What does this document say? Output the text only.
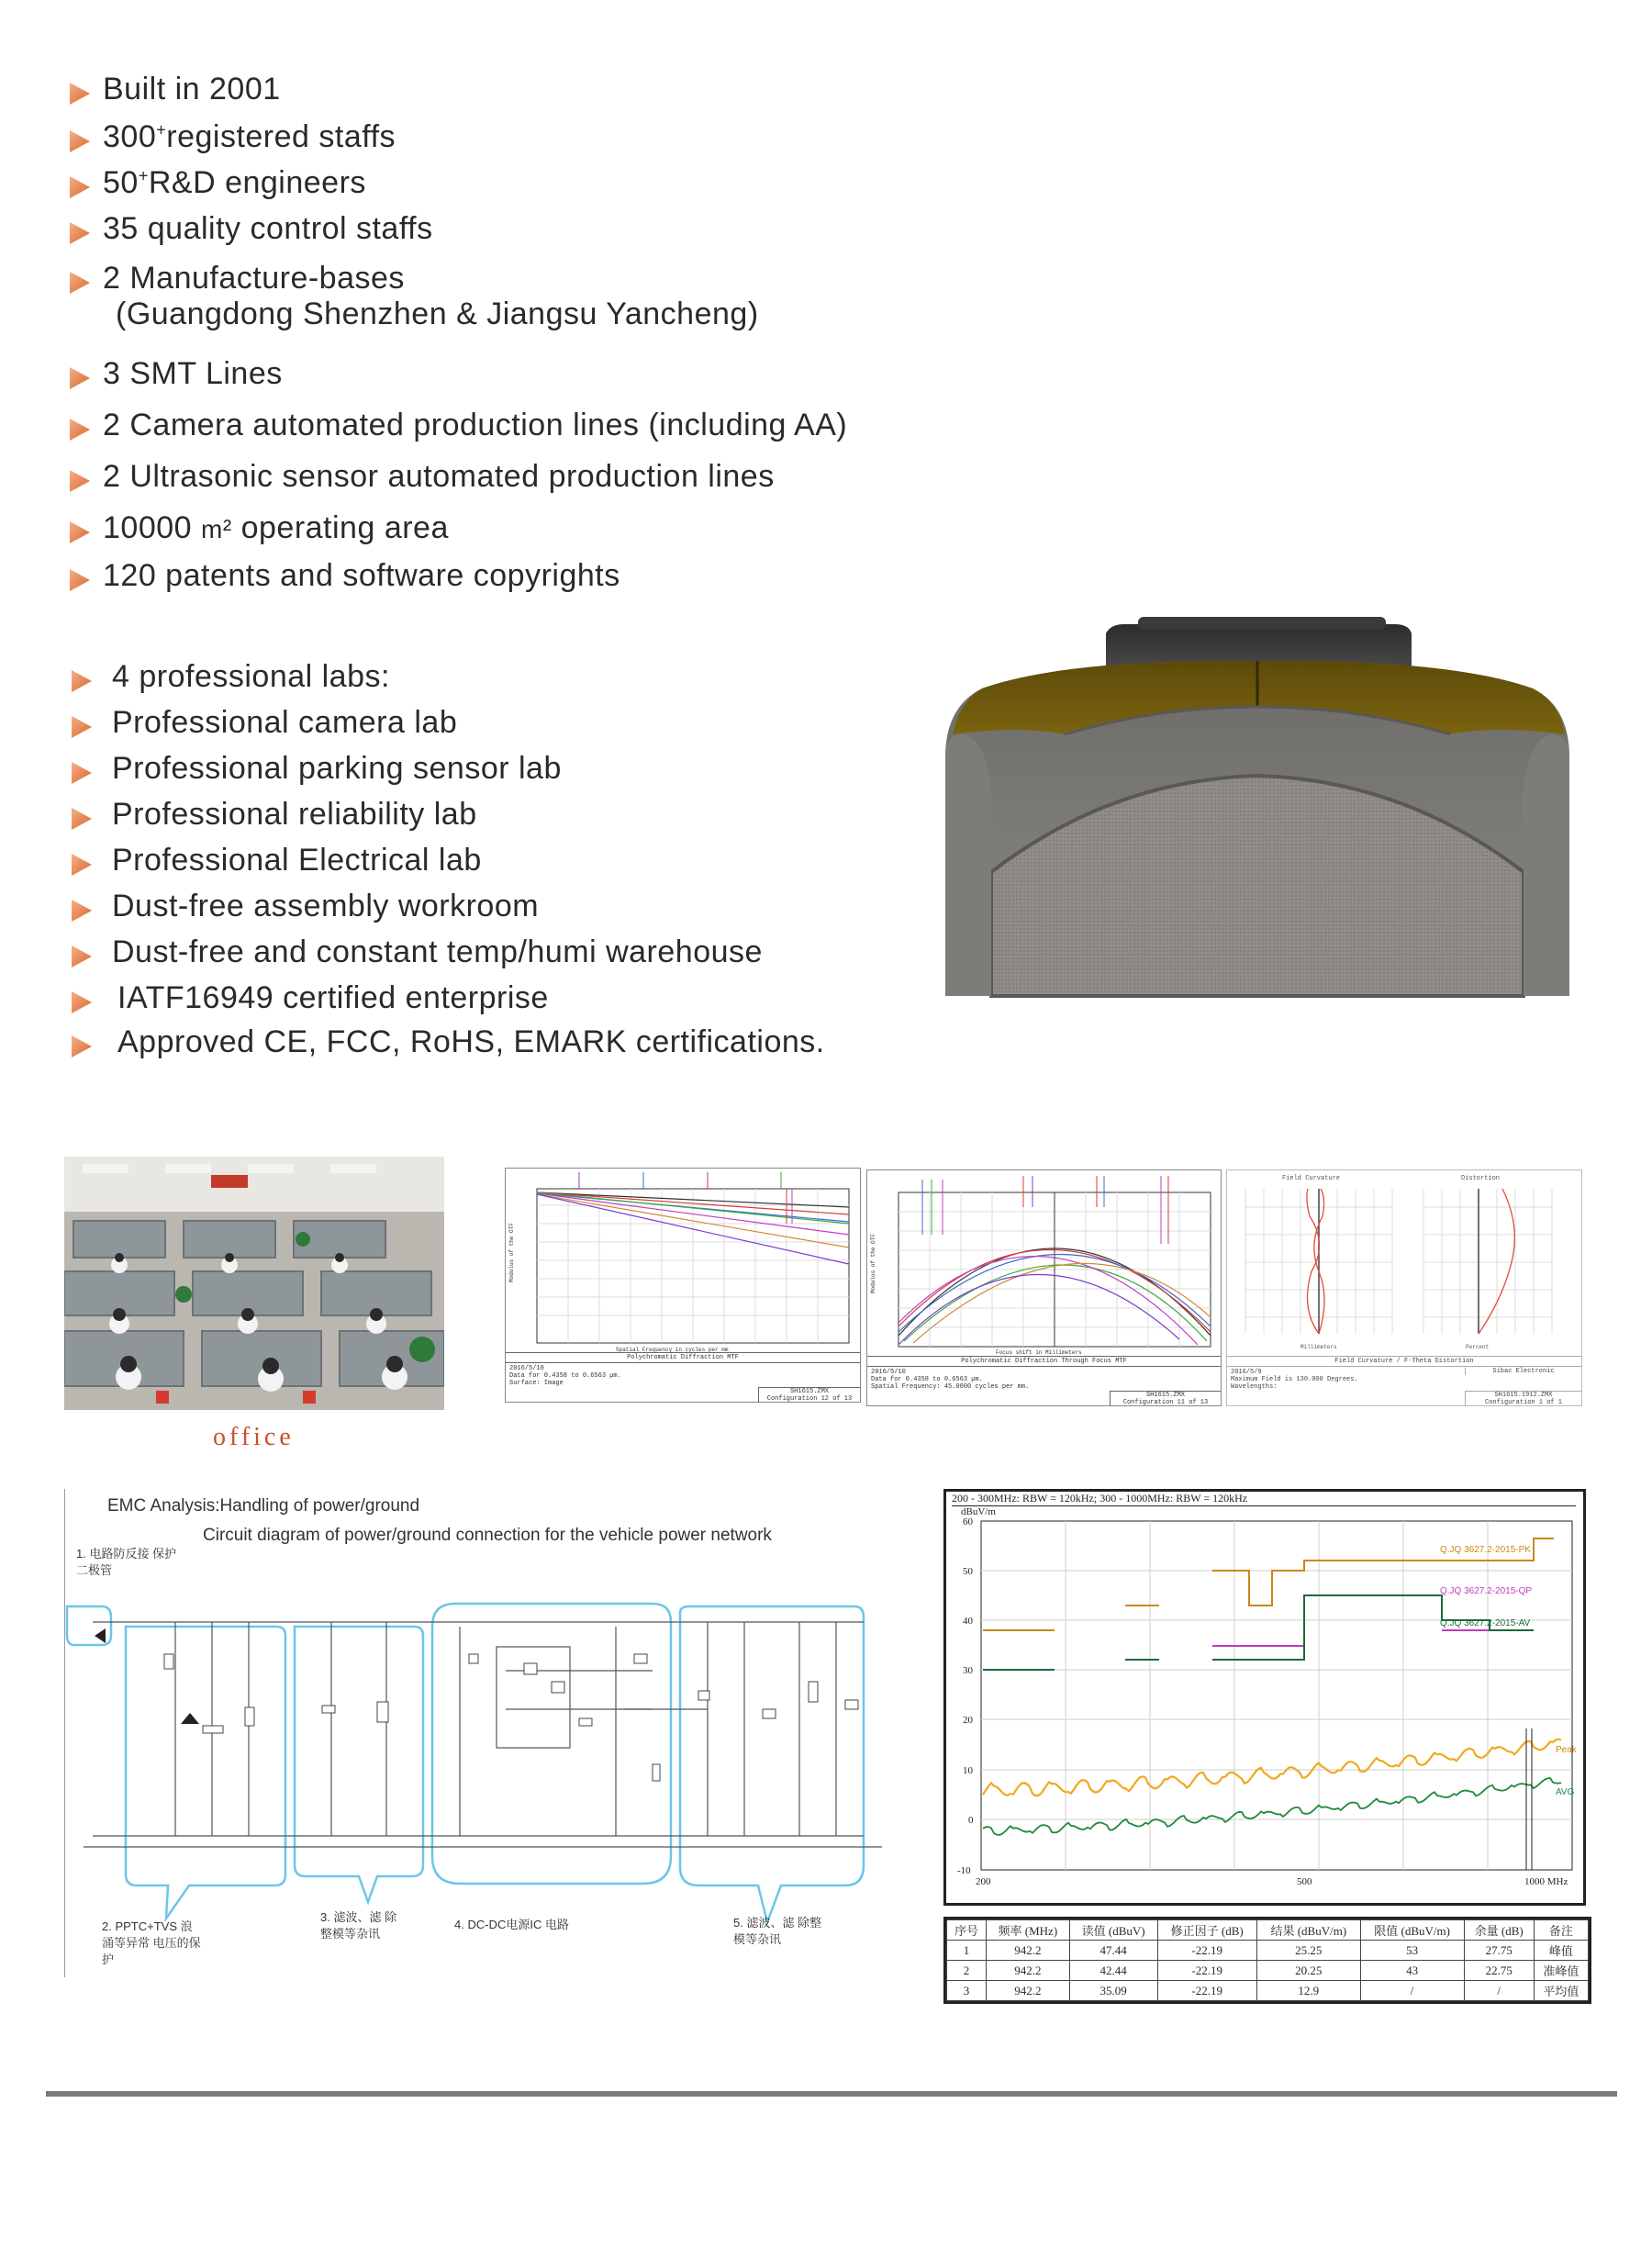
Built in 2001
300+registered staffs
50+R&D engineers
35 quality control staffs
2 Manufacture-bases
(Guangdong Shenzhen & Jiangsu Yancheng)
3 SMT Lines
2 Camera automated production lines (including AA)
2 Ultrasonic sensor automated production lines
10000 m² operating area
120 patents and software copyrights
4 professional labs:
Professional camera lab
Professional parking sensor lab
Professional reliability lab
Professional Electrical lab
Dust-free assembly workroom
Dust-free and constant temp/humi warehouse
IATF16949 certified enterprise
Approved CE, FCC, RoHS, EMARK certifications.
office
Modulus of the OTF
Spatial Frequency in cycles per mm
Polychromatic Diffraction MTF
2016/5/10
Data for 0.4358 to 0.6563 µm.
Surface: Image
SH1615.ZMX
Configuration 12 of 13
Modulus of the OTF
Focus shift in Millimeters
Polychromatic Diffraction Through Focus MTF
2016/5/10
Data for 0.4358 to 0.6563 µm.
Spatial Frequency: 45.0000 cycles per mm.
SH1615.ZMX
Configuration 11 of 13
Field Curvature	Distortion
Millimeters	Percent
Field Curvature / F-Theta Distortion
2016/5/9
Maximum Field is 130.000 Degrees.
Wavelengths:
Sibac Electronic
SH1615.1912.ZMX
Configuration 1 of 1
EMC Analysis:Handling of power/ground
Circuit diagram of power/ground connection for the vehicle power network
1. 电路防反接 保护二极管
2. PPTC+TVS 浪涌等异常 电压的保护
3. 滤波、滤 除整模等杂讯
4. DC-DC电源IC 电路	5. 滤波、滤 除整模等杂讯
200 - 300MHz: RBW = 120kHz; 300 - 1000MHz: RBW = 120kHz
dBuV/m
60
50
40
30
20
10
0
-10
200	500	1000 MHz
Q.JQ 3627.2-2015-PK
Q.JQ 3627.2-2015-QP
Q.JQ 3627.2-2015-AV
Peak
AVG
序号	频率 (MHz)	读值 (dBuV)	修正因子 (dB)	结果 (dBuV/m)	限值 (dBuV/m)	余量 (dB)	备注
1	942.2	47.44	-22.19	25.25	53	27.75	峰值
2	942.2	42.44	-22.19	20.25	43	22.75	准峰值
3	942.2	35.09	-22.19	12.9	/	/	平均值
